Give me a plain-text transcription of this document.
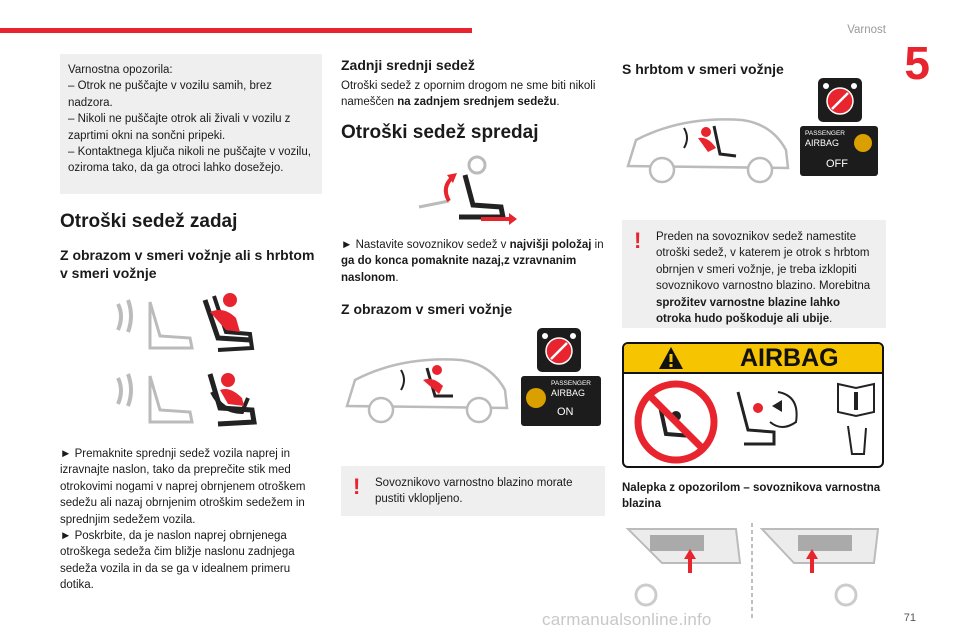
Varnost
5

Varnostna opozorila:

– Otrok ne puščajte v vozilu samih, brez nadzora.

– Nikoli ne puščajte otrok ali živali v vozilu z zaprtimi okni na sončni pripeki.

– Kontaktnega ključa nikoli ne puščajte v vozilu, oziroma tako, da ga otroci lahko dosežejo.

Otroški sedež zadaj
Z obrazom v smeri vožnje ali s hrbtom v smeri vožnje

► Premaknite sprednji sedež vozila naprej in izravnajte naslon, tako da preprečite stik med otrokovimi nogami v naprej obrnjenem otroškem sedežu ali nazaj obrnjenim otroškim sedežem in sprednjim sedežem vozila.

► Poskrbite, da je naslon naprej obrnjenega otroškega sedeža čim bližje naslonu zadnjega sedeža vozila in da se ga v idealnem primeru dotika.

Zadnji srednji sedež

Otroški sedež z opornim drogom ne sme biti nikoli nameščen na zadnjem srednjem sedežu.

Otroški sedež spredaj

► Nastavite sovoznikov sedež v najvišji položaj in ga do konca pomaknite nazaj,z vzravnanim naslonom.

Z obrazom v smeri vožnje
PASSENGER
AIRBAG
ON
! Sovoznikovo varnostno blazino morate pustiti vklopljeno.
S hrbtom v smeri vožnje
PASSENGER
AIRBAG
OFF
! Preden na sovoznikov sedež namestite otroški sedež, v katerem je otrok s hrbtom obrnjen v smeri vožnje, je treba izklopiti sovoznikovo varnostno blazino. Morebitna sprožitev varnostne blazine lahko otroka hudo poškoduje ali ubije.
AIRBAG
Nalepka z opozorilom – sovoznikova varnostna blazina
carmanualsonline.info	71
